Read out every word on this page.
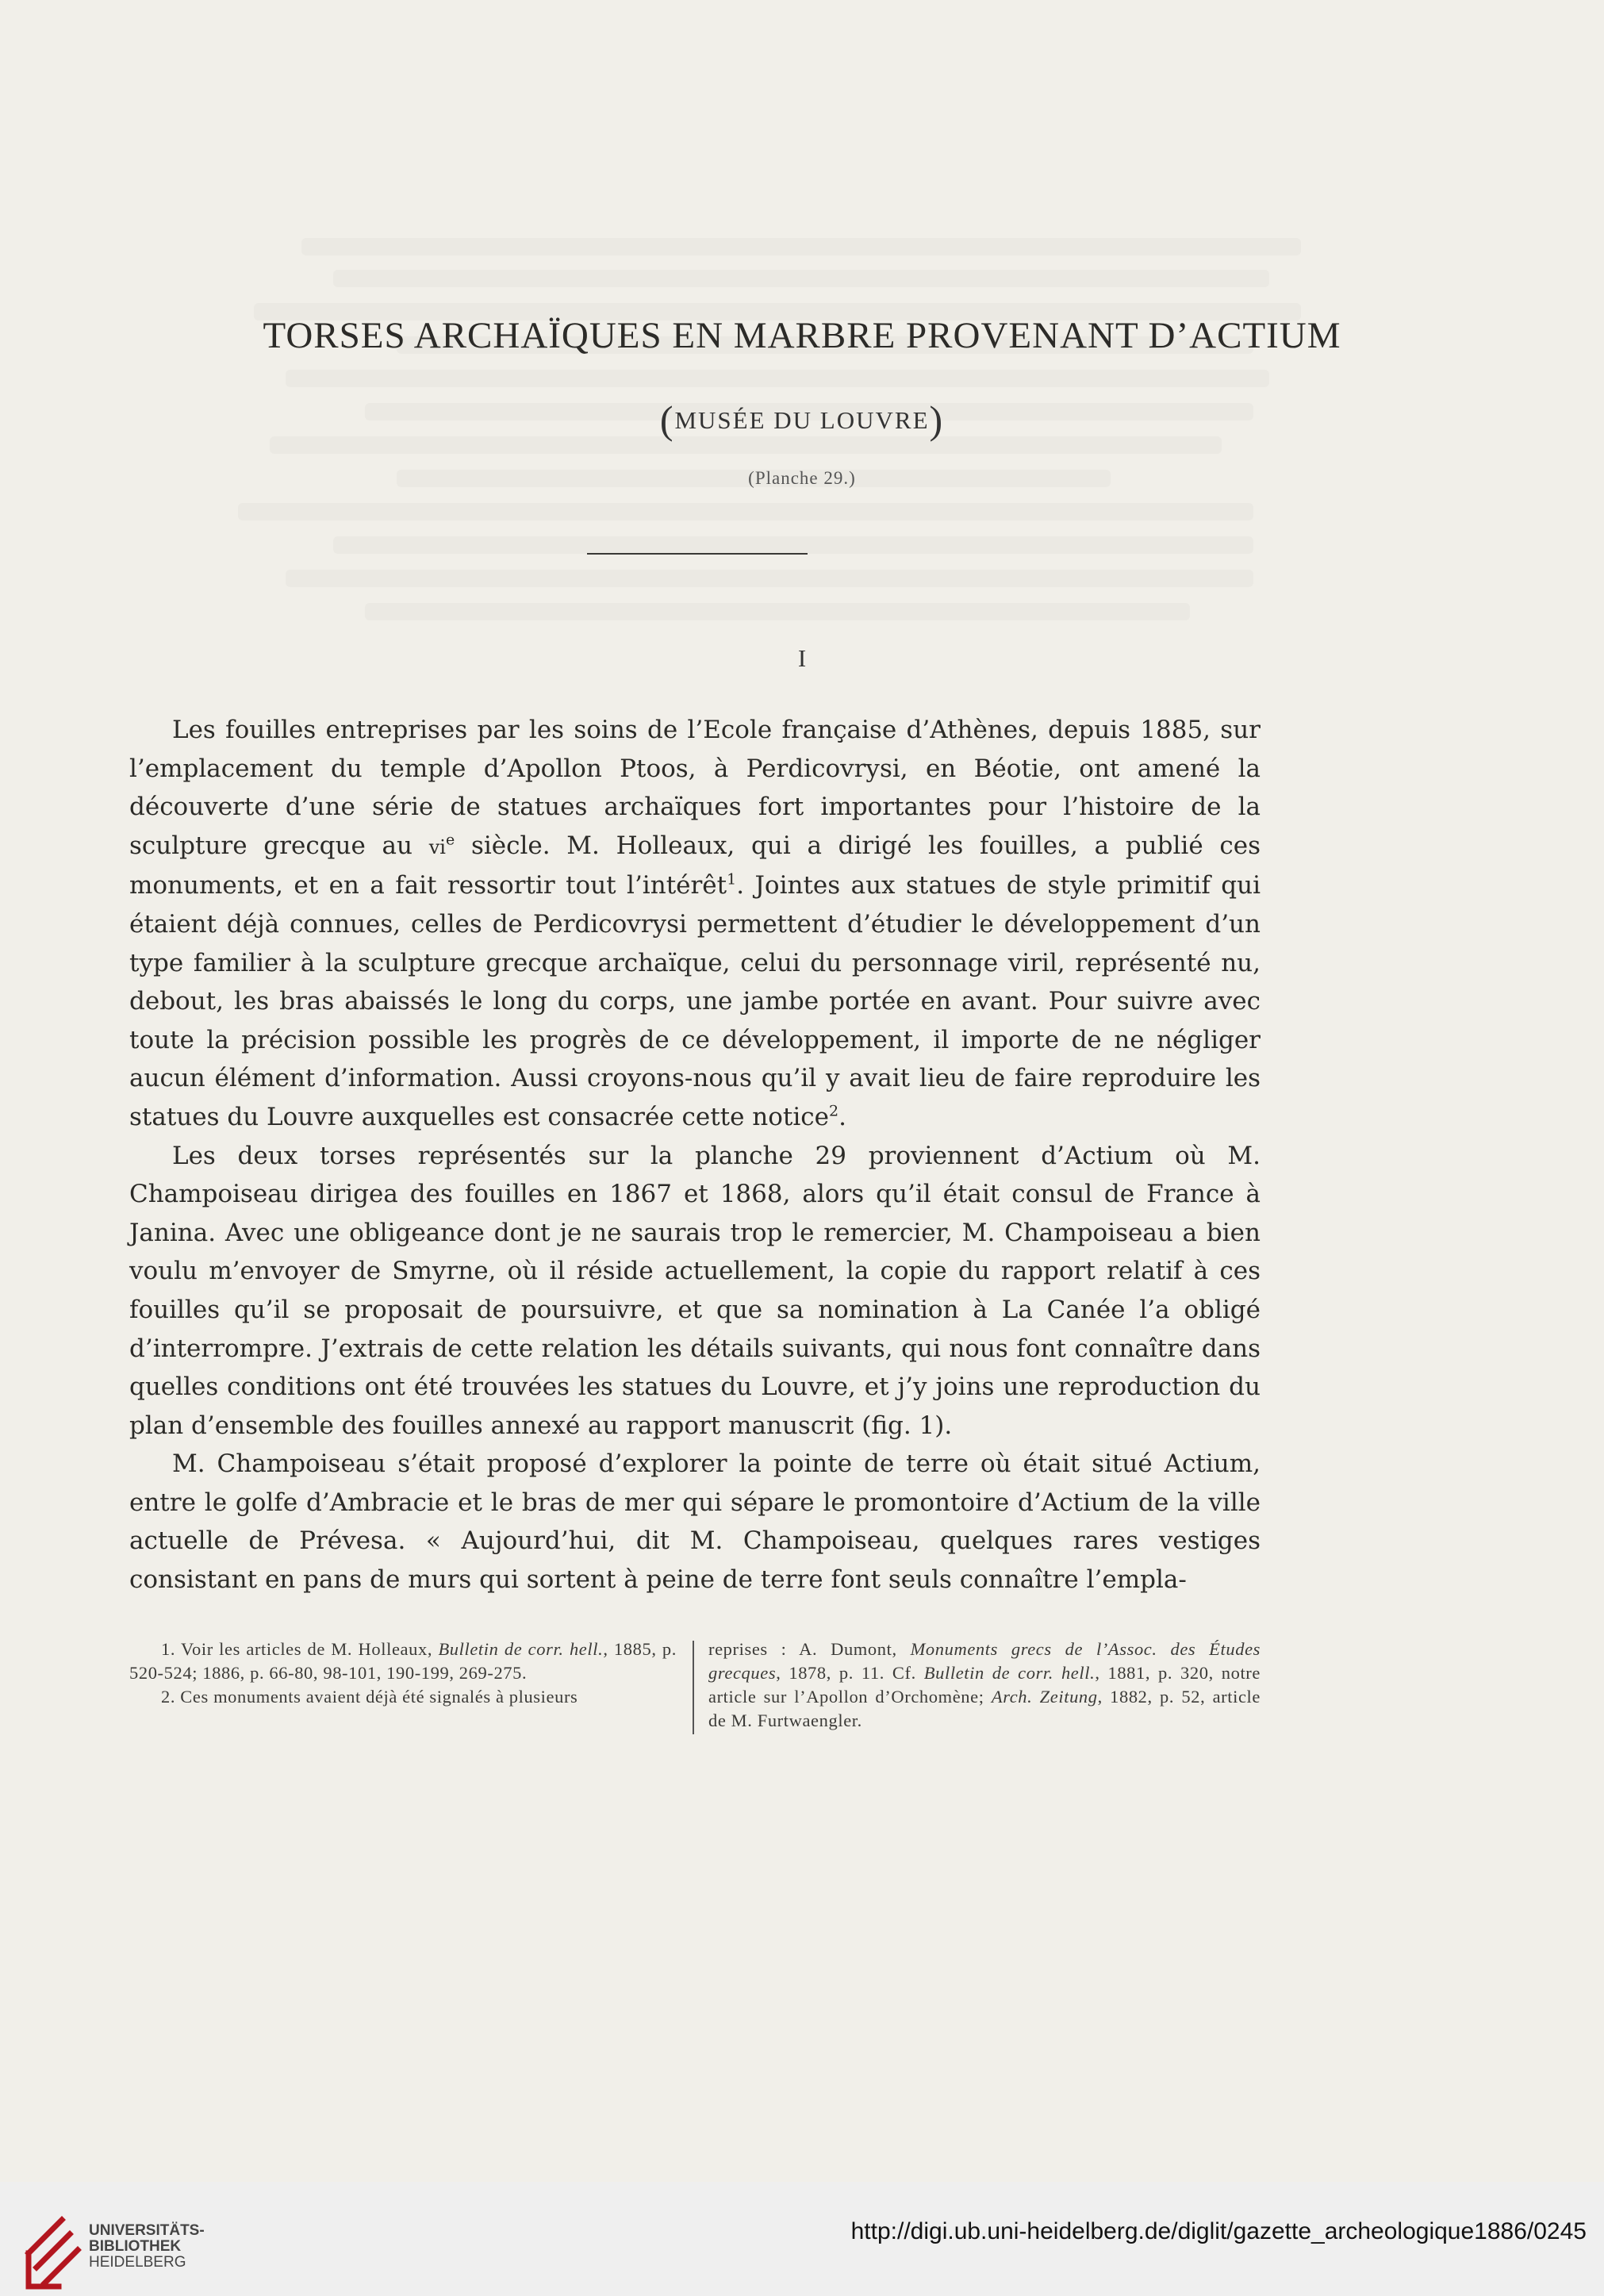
TORSES ARCHAÏQUES EN MARBRE PROVENANT D’ACTIUM
(MUSÉE DU LOUVRE)
(Planche 29.)
I

Les fouilles entreprises par les soins de l’Ecole française d’Athènes, depuis 1885, sur l’emplacement du temple d’Apollon Ptoos, à Perdicovrysi, en Béotie, ont amené la découverte d’une série de statues archaïques fort importantes pour l’histoire de la sculpture grecque au $vi^e$ siècle. M. Holleaux, qui a dirigé les fouilles, a publié ces monuments, et en a fait ressortir tout l’intérêt$^1$. Jointes aux statues de style primitif qui étaient déjà connues, celles de Perdicovrysi permettent d’étudier le développement d’un type familier à la sculpture grecque archaïque, celui du personnage viril, représenté nu, debout, les bras abaissés le long du corps, une jambe portée en avant. Pour suivre avec toute la précision possible les progrès de ce développement, il importe de ne négliger aucun élément d’information. Aussi croyons-nous qu’il y avait lieu de faire reproduire les statues du Louvre auxquelles est consacrée cette notice$^2$.

Les deux torses représentés sur la planche 29 proviennent d’Actium où M. Champoiseau dirigea des fouilles en 1867 et 1868, alors qu’il était consul de France à Janina. Avec une obligeance dont je ne saurais trop le remercier, M. Champoiseau a bien voulu m’envoyer de Smyrne, où il réside actuellement, la copie du rapport relatif à ces fouilles qu’il se proposait de poursuivre, et que sa nomination à La Canée l’a obligé d’interrompre. J’extrais de cette relation les détails suivants, qui nous font connaître dans quelles conditions ont été trouvées les statues du Louvre, et j’y joins une reproduction du plan d’ensemble des fouilles annexé au rapport manuscrit (fig. 1).

M. Champoiseau s’était proposé d’explorer la pointe de terre où était situé Actium, entre le golfe d’Ambracie et le bras de mer qui sépare le promontoire d’Actium de la ville actuelle de Prévesa. « Aujourd’hui, dit M. Champoiseau, quelques rares vestiges consistant en pans de murs qui sortent à peine de terre font seuls connaître l’empla-

1. Voir les articles de M. Holleaux, Bulletin de corr. hell., 1885, p. 520-524; 1886, p. 66-80, 98-101, 190-199, 269-275.

2. Ces monuments avaient déjà été signalés à plusieurs

reprises : A. Dumont, Monuments grecs de l’Assoc. des Études grecques, 1878, p. 11. Cf. Bulletin de corr. hell., 1881, p. 320, notre article sur l’Apollon d’Orchomène; Arch. Zeitung, 1882, p. 52, article de M. Furtwaengler.

UNIVERSITÄTS-
BIBLIOTHEK
HEIDELBERG
http://digi.ub.uni-heidelberg.de/diglit/gazette_archeologique1886/0245
